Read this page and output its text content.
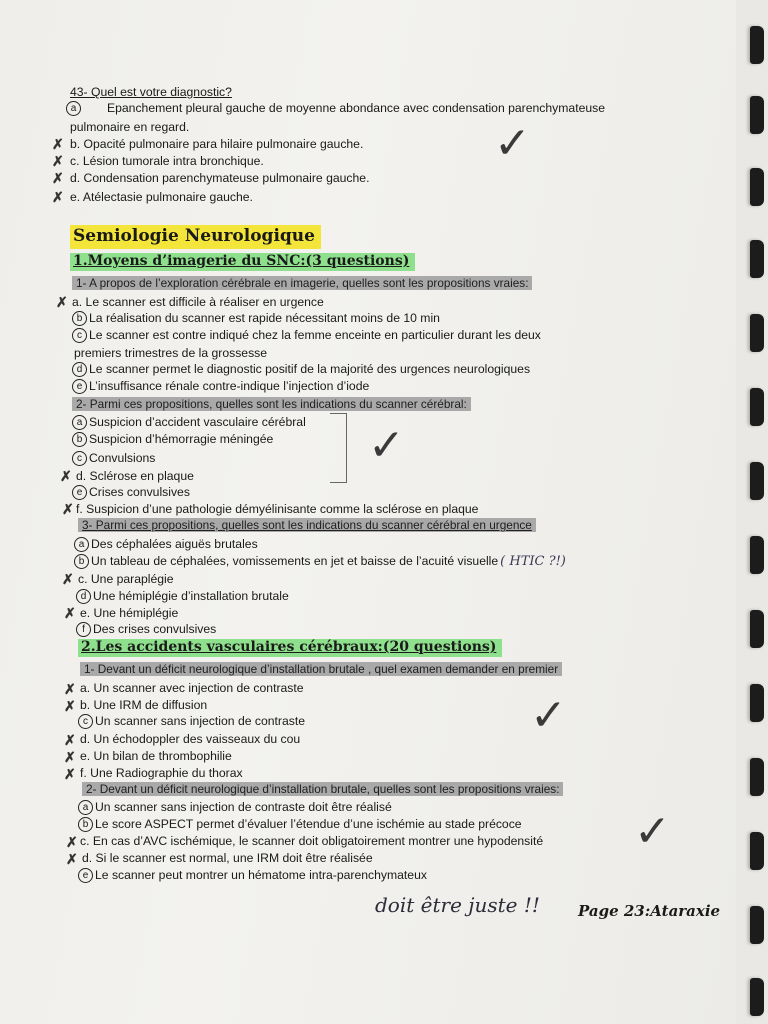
43- Quel est votre diagnostic?
a	Epanchement pleural gauche de moyenne abondance avec condensation parenchymateuse
pulmonaire en regard.
✗ b. Opacité pulmonaire para hilaire pulmonaire gauche.
✗ c. Lésion tumorale intra bronchique.
✗ d. Condensation parenchymateuse pulmonaire gauche.
✗ e. Atélectasie pulmonaire gauche.
✓
Semiologie Neurologique
1.Moyens d’imagerie du SNC:(3 questions)
1- A propos de l’exploration cérébrale en imagerie, quelles sont les propositions vraies:
✗ a. Le scanner est difficile à réaliser en urgence
b La réalisation du scanner est rapide nécessitant moins de 10 min
c Le scanner est contre indiqué chez la femme enceinte en particulier durant les deux
premiers trimestres de la grossesse
d Le scanner permet le diagnostic positif de la majorité des urgences neurologiques
e L’insuffisance rénale contre-indique l’injection d’iode
2- Parmi ces propositions, quelles sont les indications du scanner cérébral:
a Suspicion d’accident vasculaire cérébral
b Suspicion d’hémorragie méningée
c Convulsions
✗ d. Sclérose en plaque
e Crises convulsives
✗ f. Suspicion d’une pathologie démyélinisante comme la sclérose en plaque
✓
3- Parmi ces propositions, quelles sont les indications du scanner cérébral en urgence
a Des céphalées aiguës brutales
b Un tableau de céphalées, vomissements en jet et baisse de l’acuité visuelle ( HTIC ?!)
✗ c. Une paraplégie
d Une hémiplégie d’installation brutale
✗ e. Une hémiplégie
f Des crises convulsives
2.Les accidents vasculaires cérébraux:(20 questions)
1- Devant un déficit neurologique d’installation brutale , quel examen demander en premier
✗ a. Un scanner avec injection de contraste
✗ b. Une IRM de diffusion
c Un scanner sans injection de contraste
✗ d. Un échodoppler des vaisseaux du cou
✗ e. Un bilan de thrombophilie
✗ f. Une Radiographie du thorax
✓
2- Devant un déficit neurologique d’installation brutale, quelles sont les propositions vraies:
a Un scanner sans injection de contraste doit être réalisé
b Le score ASPECT permet d’évaluer l’étendue d’une ischémie au stade précoce
✗ c. En cas d’AVC ischémique, le scanner doit obligatoirement montrer une hypodensité
✗ d. Si le scanner est normal, une IRM doit être réalisée
e Le scanner peut montrer un hématome intra-parenchymateux
✓
doit être juste !!	Page 23:Ataraxie
